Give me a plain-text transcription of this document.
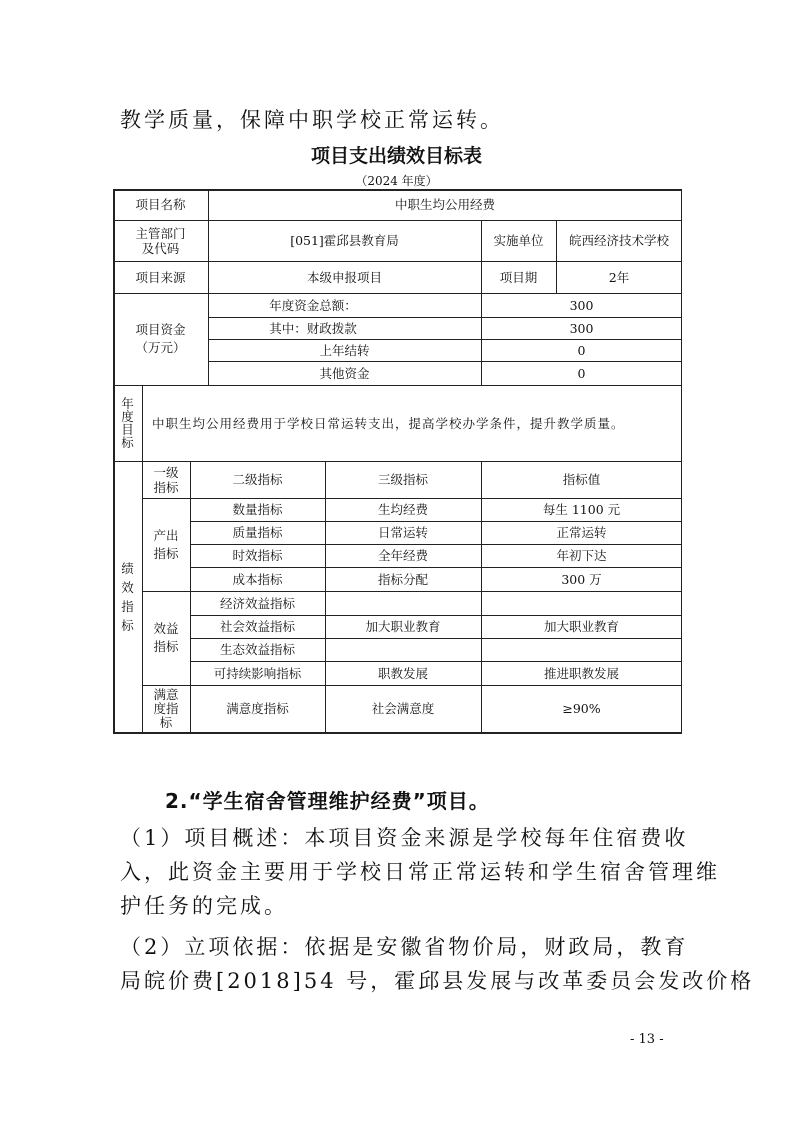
教学质量，保障中职学校正常运转。
项目支出绩效目标表
（2024 年度）
项目名称	中职生均公用经费
主管部门
及代码	[051]霍邱县教育局	实施单位	皖西经济技术学校
项目来源	本级申报项目	项目期	2年
项目资金
（万元）
年度资金总额：	300
其中：财政拨款	300
上年结转	0
其他资金	0
年
度
目
标
中职生均公用经费用于学校日常运转支出，提高学校办学条件，提升教学质量。
绩
效
指
标
一级
指标	二级指标	三级指标	指标值
产出
指标
数量指标	生均经费	每生 1100 元
质量指标	日常运转	正常运转
时效指标	全年经费	年初下达
成本指标	指标分配	300 万
效益
指标
经济效益指标
社会效益指标	加大职业教育	加大职业教育
生态效益指标
可持续影响指标	职教发展	推进职教发展
满意
度指
标
满意度指标	社会满意度	≥90%
2.“学生宿舍管理维护经费”项目。
（1）项目概述：本项目资金来源是学校每年住宿费收
入，此资金主要用于学校日常正常运转和学生宿舍管理维
护任务的完成。
（2）立项依据：依据是安徽省物价局，财政局，教育
局皖价费[2018]54 号，霍邱县发展与改革委员会发改价格
- 13 -
